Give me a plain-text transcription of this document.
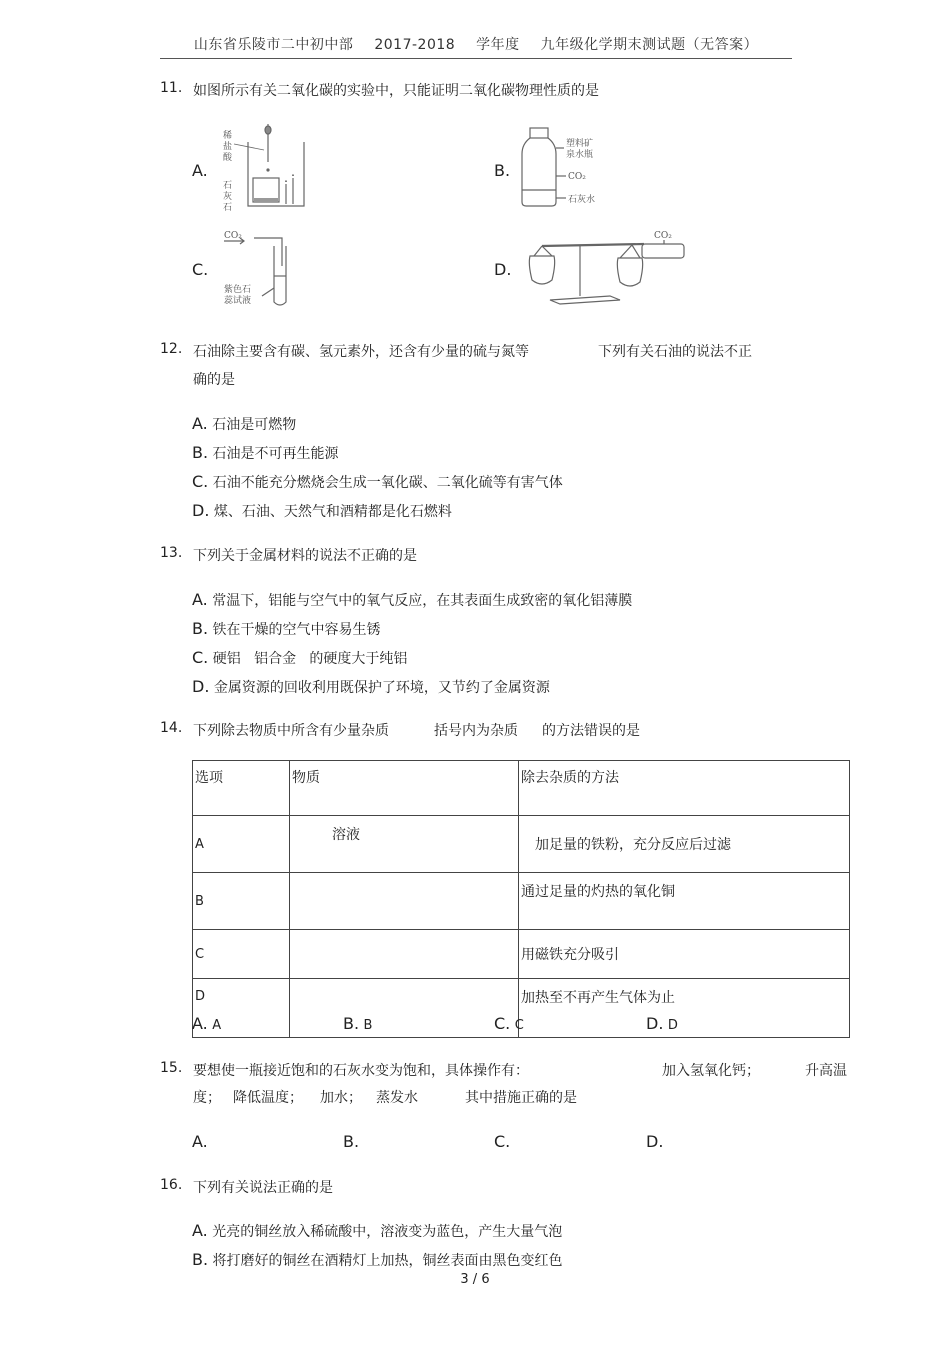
山东省乐陵市二中初中部 2017-2018 学年度 九年级化学期末测试题（无答案）
11. 如图所示有关二氧化碳的实验中，只能证明二氧化碳物理性质的是
A.	B.
C.	D.
稀
盐
酸
石
灰
石
塑料矿
泉水瓶
CO₂
石灰水
CO₂
紫色石
蕊试液
CO₂
12. 石油除主要含有碳、氢元素外，还含有少量的硫与氮等	下列有关石油的说法不正
确的是
A. 石油是可燃物
B. 石油是不可再生能源
C. 石油不能充分燃烧会生成一氧化碳、二氧化硫等有害气体
D. 煤、石油、天然气和酒精都是化石燃料
13. 下列关于金属材料的说法不正确的是
A. 常温下，铝能与空气中的氧气反应，在其表面生成致密的氧化铝薄膜
B. 铁在干燥的空气中容易生锈
C. 硬铝   铝合金   的硬度大于纯铝
D. 金属资源的回收利用既保护了环境，又节约了金属资源
14. 下列除去物质中所含有少量杂质	括号内为杂质 的方法错误的是
选项	物质	除去杂质的方法
A	溶液	加足量的铁粉，充分反应后过滤
B		通过足量的灼热的氧化铜
C		用磁铁充分吸引
D		加热至不再产生气体为止
A. A	B. B	C. C	D. D
15. 要想使一瓶接近饱和的石灰水变为饱和，具体操作有：	加入氢氧化钙；	升高温
度； 降低温度； 加水； 蒸发水	其中措施正确的是
A.	B.	C.	D.
16. 下列有关说法正确的是
A. 光亮的铜丝放入稀硫酸中，溶液变为蓝色，产生大量气泡
B. 将打磨好的铜丝在酒精灯上加热，铜丝表面由黑色变红色
3 / 6
